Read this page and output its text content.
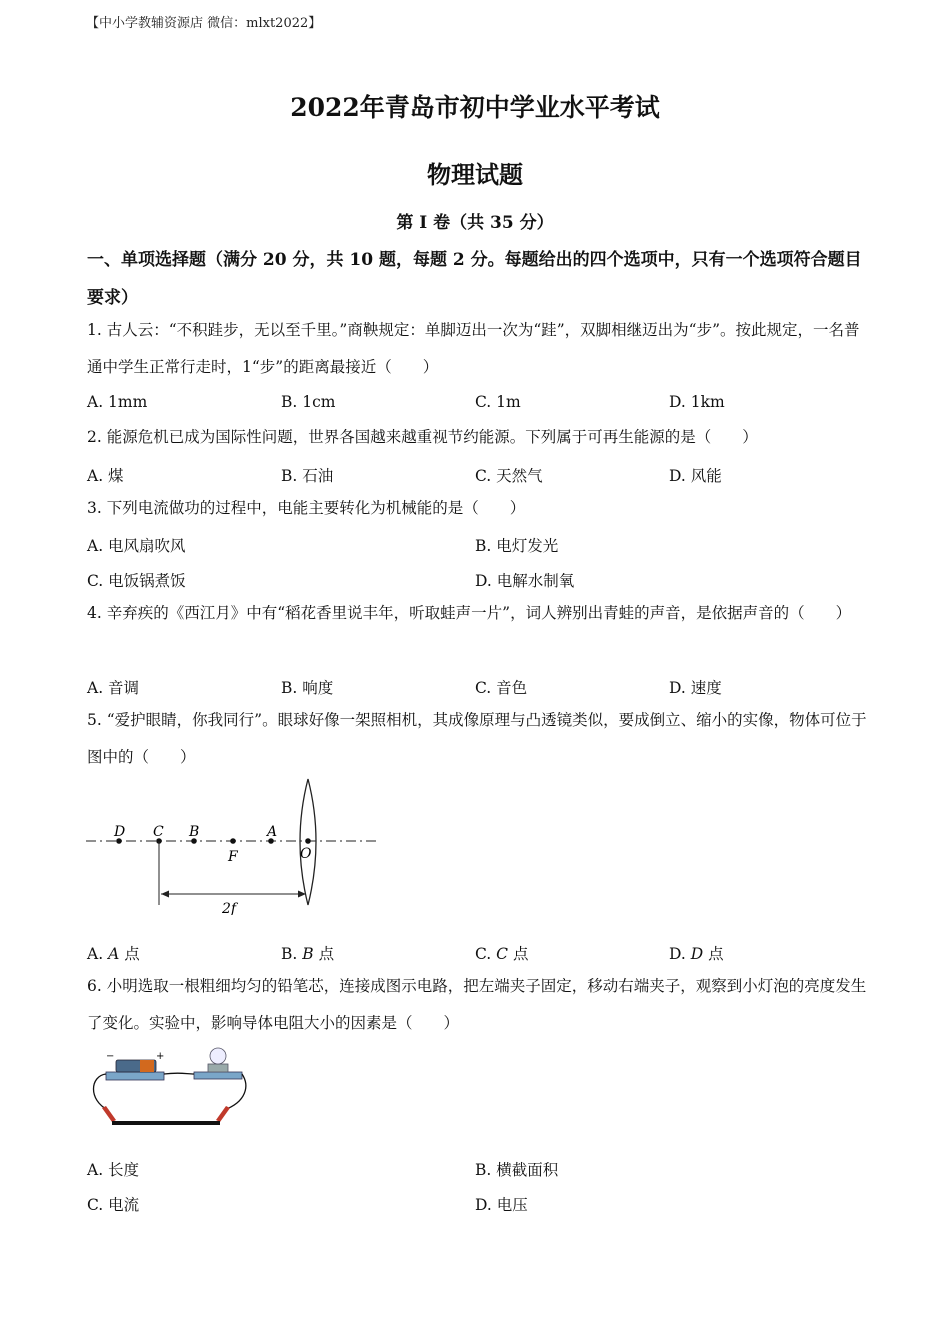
【中小学教辅资源店 微信：mlxt2022】
2022年青岛市初中学业水平考试
物理试题
第 I 卷（共 35 分）
一、单项选择题（满分 20 分，共 10 题，每题 2 分。每题给出的四个选项中，只有一个选项符合题目要求）
1. 古人云：“不积跬步，无以至千里。”商鞅规定：单脚迈出一次为“跬”，双脚相继迈出为“步”。按此规定，一名普通中学生正常行走时，1“步”的距离最接近（　　）
A. 1mm	B. 1cm	C. 1m	D. 1km
2. 能源危机已成为国际性问题，世界各国越来越重视节约能源。下列属于可再生能源的是（　　）
A. 煤	B. 石油	C. 天然气	D. 风能
3. 下列电流做功的过程中，电能主要转化为机械能的是（　　）
A. 电风扇吹风	B. 电灯发光
C. 电饭锅煮饭	D. 电解水制氧
4. 辛弃疾的《西江月》中有“稻花香里说丰年，听取蛙声一片”，词人辨别出青蛙的声音，是依据声音的（　　）
A. 音调	B. 响度	C. 音色	D. 速度
5. “爱护眼睛，你我同行”。眼球好像一架照相机，其成像原理与凸透镜类似，要成倒立、缩小的实像，物体可位于图中的（　　）
D C B
F
A
O
2f
A. A 点	B. B 点	C. C 点	D. D 点
6. 小明选取一根粗细均匀的铅笔芯，连接成图示电路，把左端夹子固定，移动右端夹子，观察到小灯泡的亮度发生了变化。实验中，影响导体电阻大小的因素是（　　）
−	+
A. 长度	B. 横截面积
C. 电流	D. 电压
